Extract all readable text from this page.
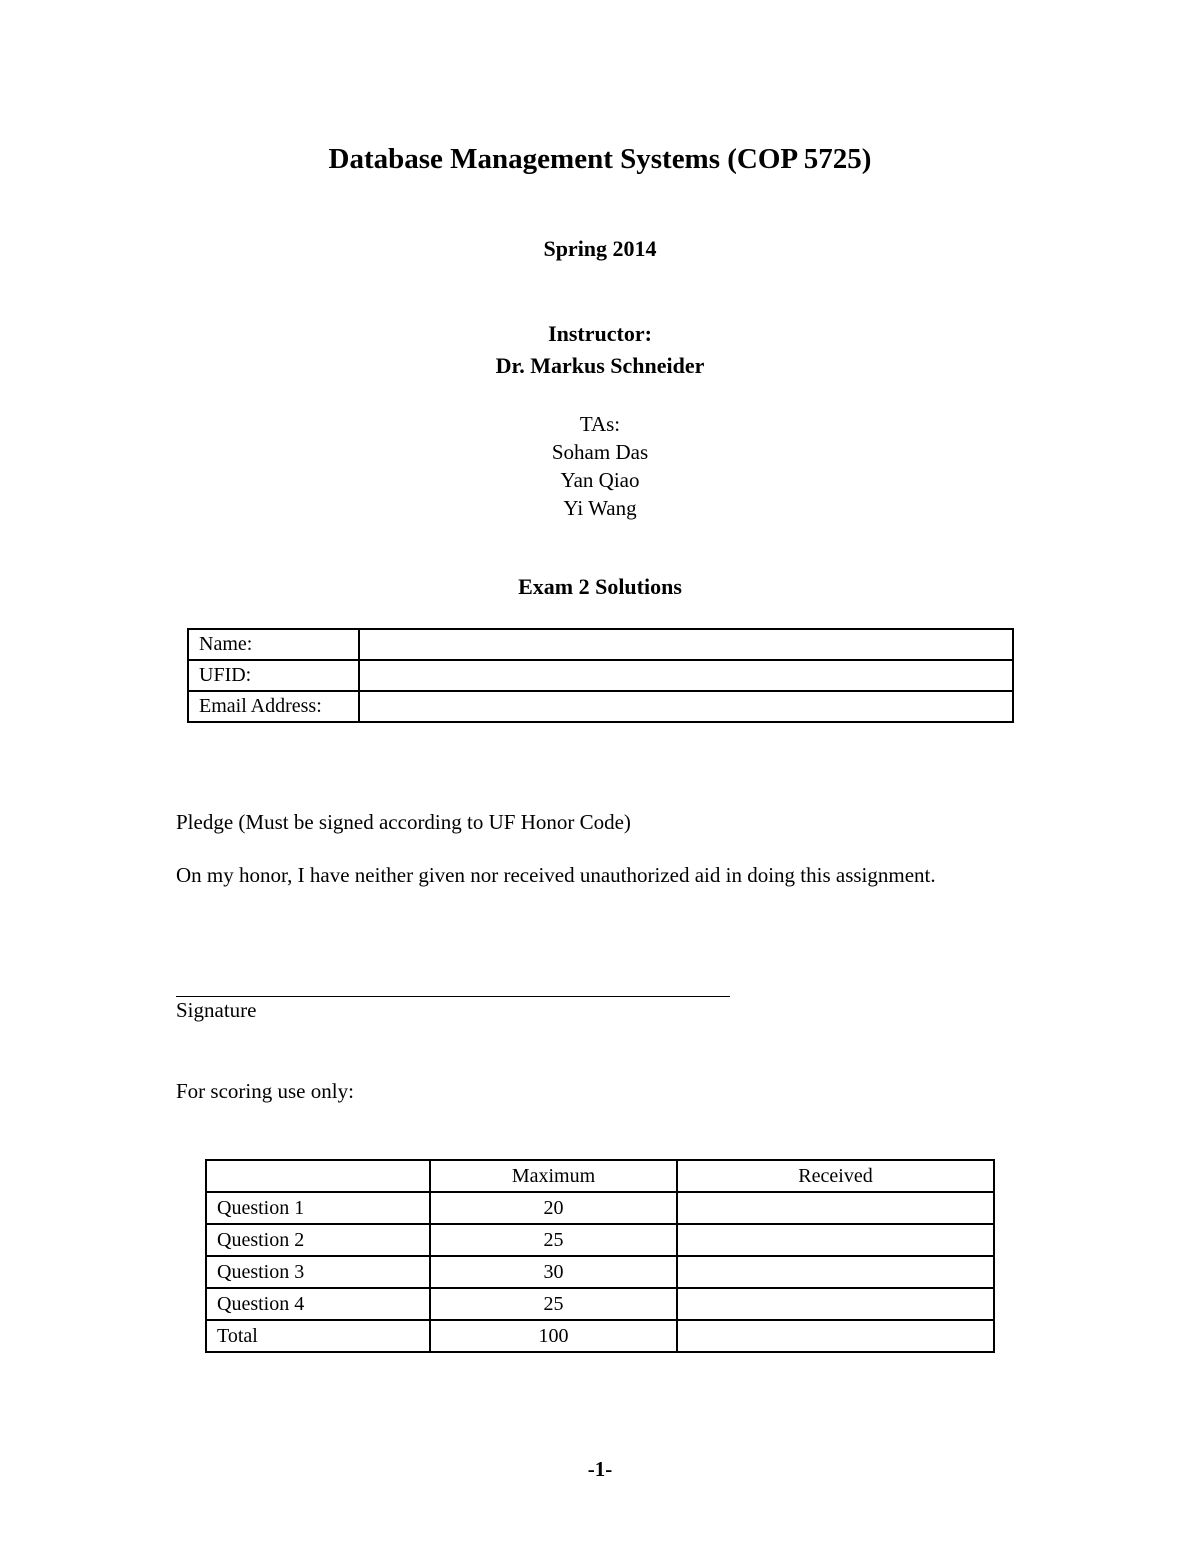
Database Management Systems (COP 5725)
Spring 2014
Instructor:
Dr. Markus Schneider
TAs:
Soham Das
Yan Qiao
Yi Wang
Exam 2 Solutions
Name:	
UFID:	
Email Address:	
Pledge (Must be signed according to UF Honor Code)
On my honor, I have neither given nor received unauthorized aid in doing this assignment.
Signature
For scoring use only:
	Maximum	Received
Question 1	20	
Question 2	25	
Question 3	30	
Question 4	25	
Total	100	
-1-
